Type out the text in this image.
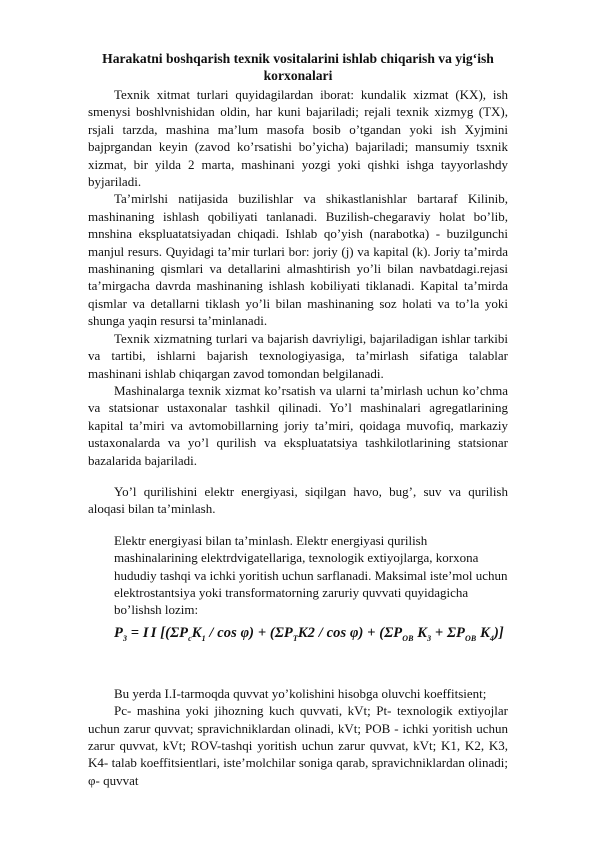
Harakatni boshqarish texnik vositalarini ishlab chiqarish va yig‘ish korxonalari

Texnik xitmat turlari quyidagilardan iborat: kundalik xizmat (KX), ish smenysi boshlvnishidan oldin, har kuni bajariladi; rejali texnik xizmyg (TX), rsjali tarzda, mashina ma’lum masofa bosib o’tgandan yoki ish Xyjmini bajprgandan keyin (zavod ko’rsatishi bo’yicha) bajariladi; mansumiy tsxnik xizmat, bir yilda 2 marta, mashinani yozgi yoki qishki ishga tayyorlashdy byjariladi.

Ta’mirlshi natijasida buzilishlar va shikastlanishlar bartaraf Kilinib, mashinaning ishlash qobiliyati tanlanadi. Buzilish-chegaraviy holat bo’lib, mnshina ekspluatatsiyadan chiqadi. Ishlab qo’yish (narabotka) - buzilgunchi manjul resurs. Quyidagi ta’mir turlari bor: joriy (j) va kapital (k). Joriy ta’mirda mashinaning qismlari va detallarini almashtirish yo’li bilan navbatdagi.rejasi ta’mirgacha davrda mashinaning ishlash kobiliyati tiklanadi. Kapital ta’mirda qismlar va detallarni tiklash yo’li bilan mashinaning soz holati va to’la yoki shunga yaqin resursi ta’minlanadi.

Texnik xizmatning turlari va bajarish davriyligi, bajariladigan ishlar tarkibi va tartibi, ishlarni bajarish texnologiyasiga, ta’mirlash sifatiga talablar mashinani ishlab chiqargan zavod tomondan belgilanadi.

Mashinalarga texnik xizmat ko’rsatish va ularni ta’mirlash uchun ko’chma va statsionar ustaxonalar tashkil qilinadi. Yo’l mashinalari agregatlarining kapital ta’miri va avtomobillarning joriy ta’miri, qoidaga muvofiq, markaziy ustaxonalarda va yo’l qurilish va ekspluatatsiya tashkilotlarining statsionar bazalarida bajariladi.

Yo’l qurilishini elektr energiyasi, siqilgan havo, bug’, suv va qurilish aloqasi bilan ta’minlash.

Elektr energiyasi bilan ta’minlash. Elektr energiyasi qurilish mashinalarining elektrdvigatellariga, texnologik extiyojlarga, korxona hududiy tashqi va ichki yoritish uchun sarflanadi. Maksimal iste’mol uchun elektrostantsiya yoki transformatorning zaruriy quvvati quyidagicha bo’lishsh lozim:

$P_3 = I$ I [$(\Sigma P_cK_1 / \cos \varphi) + (\Sigma P_TK2 / \cos \varphi) + (\Sigma P_{OB}$ $K_3 + \Sigma P_{OB}$ $K_4$)]

Bu yerda I.I-tarmoqda quvvat yo’kolishini hisobga oluvchi koeffitsient;

Pc- mashina yoki jihozning kuch quvvati, kVt; Pt- texnologik extiyojlar uchun zarur quvvat; spravichniklardan olinadi, kVt; POB - ichki yoritish uchun zarur quvvat, kVt; ROV-tashqi yoritish uchun zarur quvvat, kVt; K1, K2, K3, K4- talab koeffitsientlari, iste’molchilar soniga qarab, spravichniklardan olinadi; φ- quvvat
